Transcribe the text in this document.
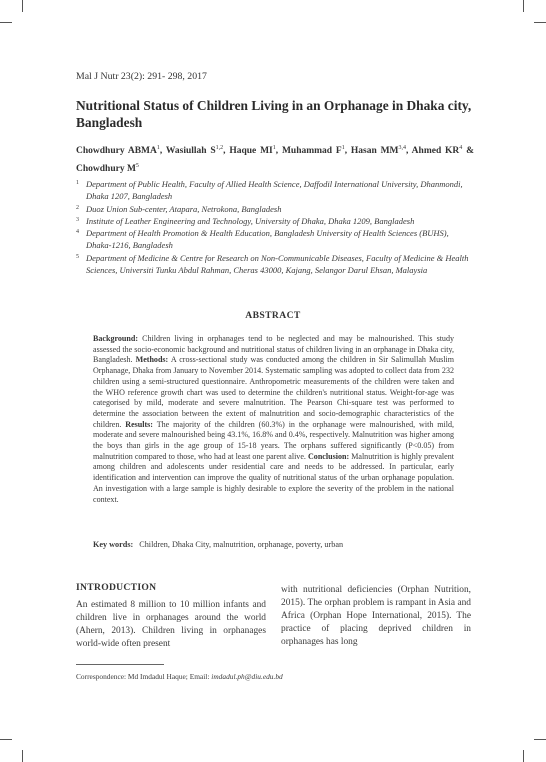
Mal J Nutr 23(2): 291- 298, 2017
Nutritional Status of Children Living in an Orphanage in Dhaka city, Bangladesh
Chowdhury ABMA$^1$, Wasiullah S$^{1,2}$, Haque $MI^1$, Muhammad $F^1$, Hasan MM$^{3,4}$, Ahmed $KR^4$ & Chowdhury $M^5$
1 Department of Public Health, Faculty of Allied Health Science, Daffodil International University, Dhanmondi, Dhaka 1207, Bangladesh
2 Duoz Union Sub-center, Atapara, Netrokona, Bangladesh
3 Institute of Leather Engineering and Technology, University of Dhaka, Dhaka 1209, Bangladesh
4 Department of Health Promotion & Health Education, Bangladesh University of Health Sciences (BUHS), Dhaka-1216, Bangladesh
5 Department of Medicine & Centre for Research on Non-Communicable Diseases, Faculty of Medicine & Health Sciences, Universiti Tunku Abdul Rahman, Cheras 43000, Kajang, Selangor Darul Ehsan, Malaysia
ABSTRACT
Background: Children living in orphanages tend to be neglected and may be malnourished. This study assessed the socio-economic background and nutritional status of children living in an orphanage in Dhaka city, Bangladesh. Methods: A cross-sectional study was conducted among the children in Sir Salimullah Muslim Orphanage, Dhaka from January to November 2014. Systematic sampling was adopted to collect data from 232 children using a semi-structured questionnaire. Anthropometric measurements of the children were taken and the WHO reference growth chart was used to determine the children's nutritional status. Weight-for-age was categorised by mild, moderate and severe malnutrition. The Pearson Chi-square test was performed to determine the association between the extent of malnutrition and socio-demographic characteristics of the children. Results: The majority of the children (60.3%) in the orphanage were malnourished, with mild, moderate and severe malnourished being 43.1%, 16.8% and 0.4%, respectively. Malnutrition was higher among the boys than girls in the age group of 15-18 years. The orphans suffered significantly (P<0.05) from malnutrition compared to those, who had at least one parent alive. Conclusion: Malnutrition is highly prevalent among children and adolescents under residential care and needs to be addressed. In particular, early identification and intervention can improve the quality of nutritional status of the urban orphanage population. An investigation with a large sample is highly desirable to explore the severity of the problem in the national context.
Key words: Children, Dhaka City, malnutrition, orphanage, poverty, urban
INTRODUCTION
An estimated 8 million to 10 million infants and children live in orphanages around the world (Ahern, 2013). Children living in orphanages world-wide often present
with nutritional deficiencies (Orphan Nutrition, 2015). The orphan problem is rampant in Asia and Africa (Orphan Hope International, 2015). The practice of placing deprived children in orphanages has long
Correspondence: Md Imdadul Haque; Email: imdadul.ph@diu.edu.bd
